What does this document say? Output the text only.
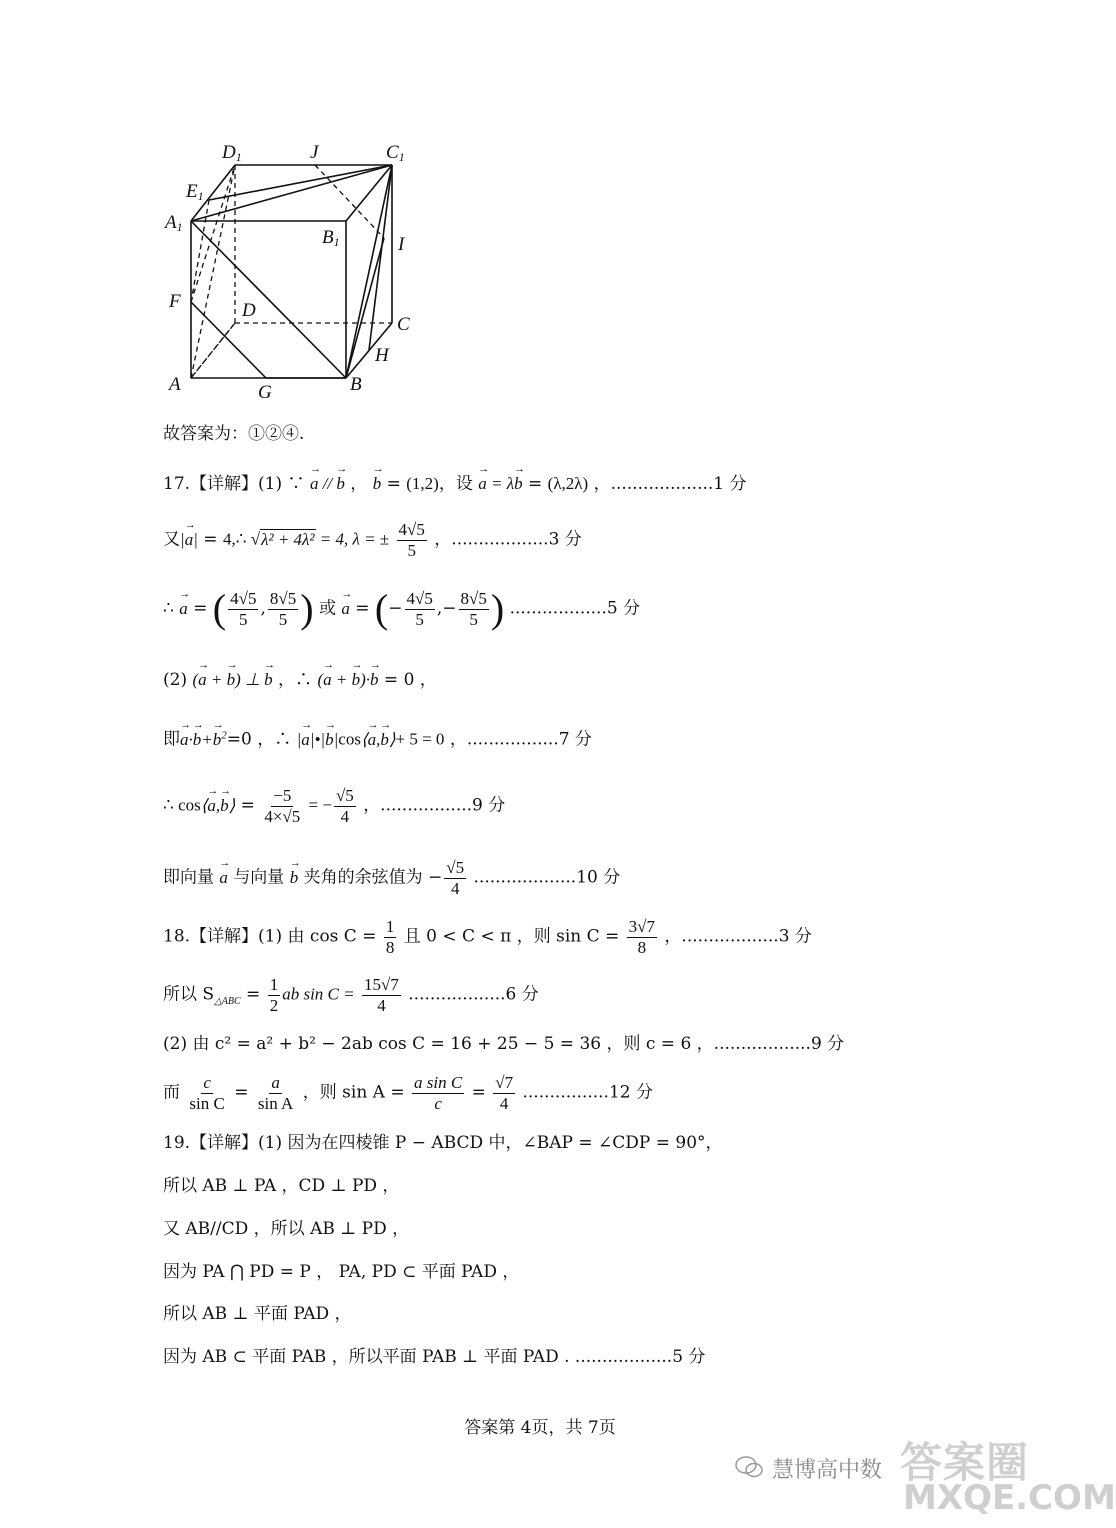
D1	J	C1
E1
A1	B1	I
F	D
C
H
A	G	B
故答案为：①②④.
17.【详解】(1) ∵ → a // → b ， → b = (1,2)，设 → a = λ→ b = (λ,2λ) ，...................1 分
又|→ a| = 4,∴ √λ² + 4λ² = 4, λ = ± $\frac{4√5}{5}$ ，..................3 分
∴ → a = ( $\frac{4√5}{5}$ , $\frac{8√5}{5}$ ) 或 → a = (− $\frac{4√5}{5}$ ,− $\frac{8√5}{5}$ ) ..................5 分
(2) (→ a + → b) ⊥ → b ，∴ (→ a + → b)·→ b = 0 ，
即→ $a\cdot\to b+\to b^2=0$ ，∴ |→ a|•|→ b|cos⟨→ a,→ b⟩+ 5 = 0 ，.................7 分
∴ cos⟨→ a,→ b⟩ = $\frac{-5}{4\times√5}$ = − $\frac{√5}{4}$ ，.................9 分
即向量 → a 与向量 → b 夹角的余弦值为 − $\frac{√5}{4} ...................10$ 分
18.【详解】(1) 由 $\cos C = \frac{1}{8}$ 且 0 < C < π ，则 $\sin C = \frac{3√7}{8}$ ，..................3 分
所以 $S_{\triangle ABC} = \frac{1}{2}$ ab $\sin C = \frac{15√7}{4} ..................6$ 分
(2) 由 c² = a² + b² − 2ab cos C = 16 + 25 − 5 = 36 ，则 c = 6 ，..................9 分
而 $\frac{c}{\text{sin C}} = \frac{a}{\text{sin A}}$ ，则 $\sin A = \frac{\text{a sin C}}{c} = \frac{√7}{4} ................12$ 分
19.【详解】(1) 因为在四棱锥 P − ABCD 中，∠BAP = ∠CDP = 90°，
所以 AB ⊥ PA ，CD ⊥ PD ，
又 AB//CD ，所以 AB ⊥ PD ，
因为 PA ⋂ PD = P ， PA, PD ⊂ 平面 PAD ，
所以 AB ⊥ 平面 PAD ，
因为 AB ⊂ 平面 PAB ，所以平面 PAB ⊥ 平面 PAD . ..................5 分
答案第 4页，共 7页
慧博高中数 答案圈
MXQE.COM
